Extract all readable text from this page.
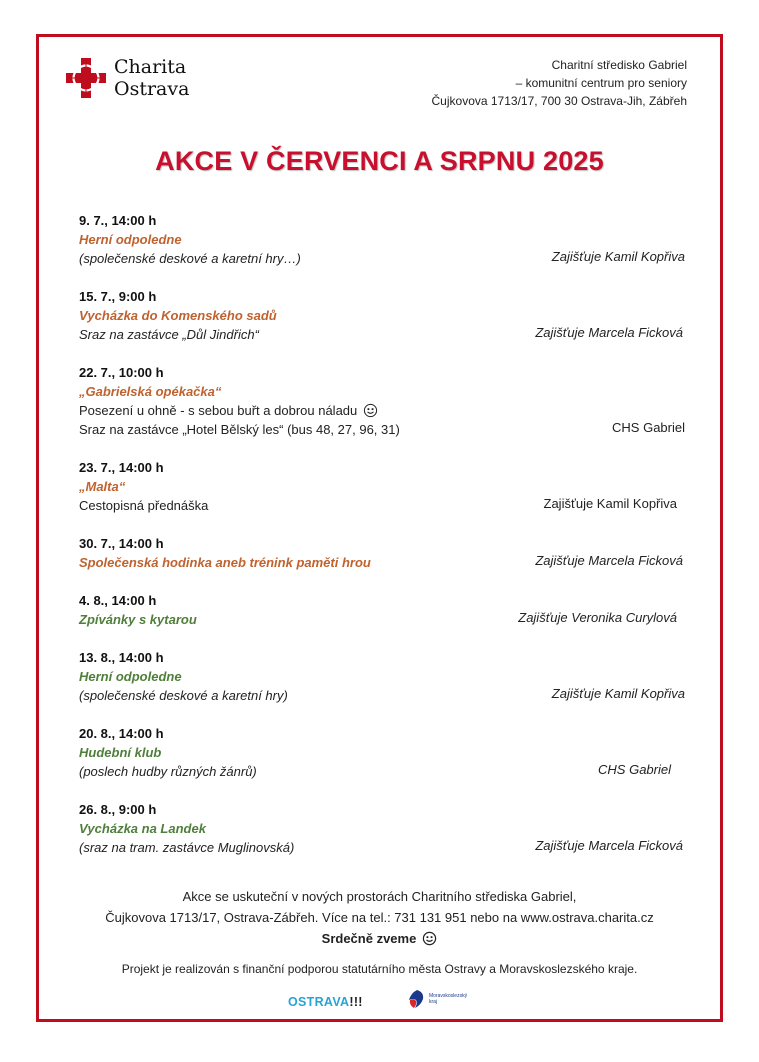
Charita
Ostrava
Charitní středisko Gabriel
– komunitní centrum pro seniory
Čujkovova 1713/17, 700 30 Ostrava-Jih, Zábřeh
AKCE V ČERVENCI A SRPNU 2025
9. 7., 14:00 h
Herní odpoledne
(společenské deskové a karetní hry…)	Zajišťuje Kamil Kopřiva
15. 7., 9:00 h
Vycházka do Komenského sadů
Sraz na zastávce „Důl Jindřich“	Zajišťuje Marcela Ficková
22. 7., 10:00 h
„Gabrielská opékačka“
Posezení u ohně - s sebou buřt a dobrou náladu
Sraz na zastávce „Hotel Bělský les“ (bus 48, 27, 96, 31)	CHS Gabriel
23. 7., 14:00 h
„Malta“
Cestopisná přednáška	Zajišťuje Kamil Kopřiva
30. 7., 14:00 h
Společenská hodinka aneb trénink paměti hrou	Zajišťuje Marcela Ficková
4. 8., 14:00 h
Zpívánky s kytarou	Zajišťuje Veronika Curylová
13. 8., 14:00 h
Herní odpoledne
(společenské deskové a karetní hry)	Zajišťuje Kamil Kopřiva
20. 8., 14:00 h
Hudební klub
(poslech hudby různých žánrů)	CHS Gabriel
26. 8., 9:00 h
Vycházka na Landek
(sraz na tram. zastávce Muglinovská)	Zajišťuje Marcela Ficková
Akce se uskuteční v nových prostorách Charitního střediska Gabriel,
Čujkovova 1713/17, Ostrava-Zábřeh. Více na tel.: 731 131 951 nebo na www.ostrava.charita.cz
Srdečně zveme
Projekt je realizován s finanční podporou statutárního města Ostravy a Moravskoslezského kraje.
OSTRAVA!!!	Moravskoslezský kraj
